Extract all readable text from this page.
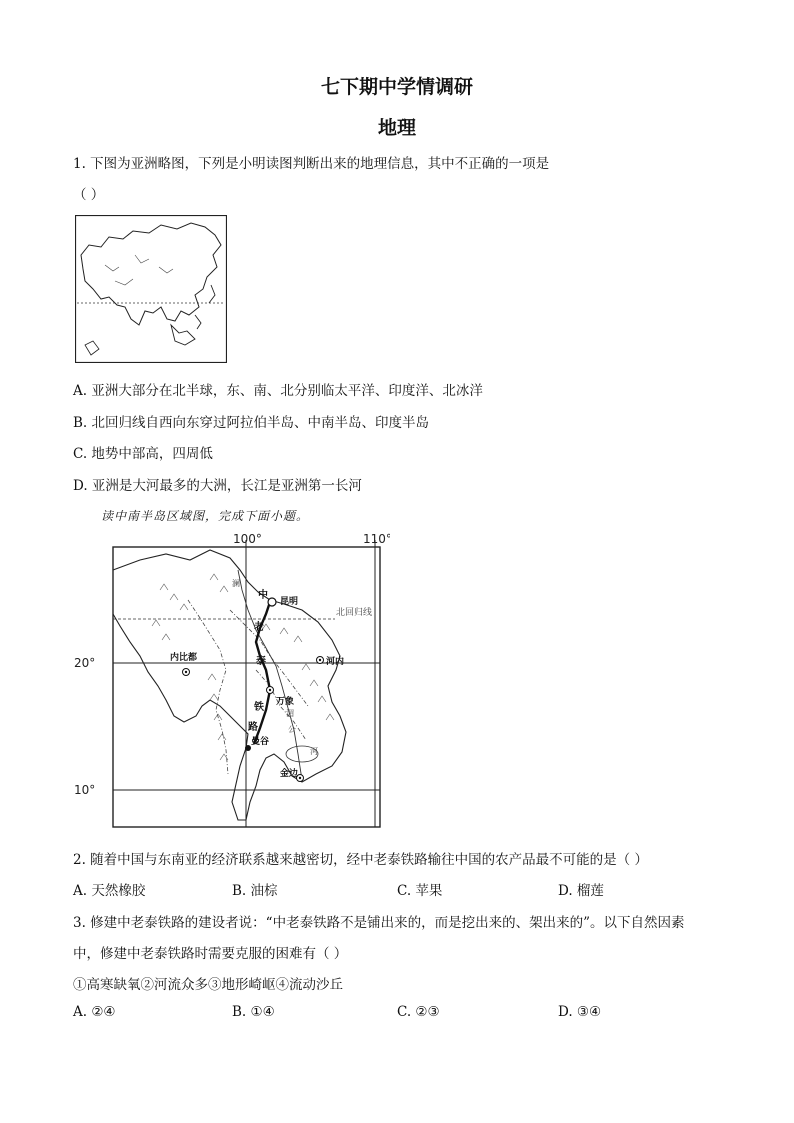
七下期中学情调研
地理
1. 下图为亚洲略图，下列是小明读图判断出来的地理信息，其中不正确的一项是
（ ）
A. 亚洲大部分在北半球，东、南、北分别临太平洋、印度洋、北冰洋
B. 北回归线自西向东穿过阿拉伯半岛、中南半岛、印度半岛
C. 地势中部高，四周低
D. 亚洲是大河最多的大洲，长江是亚洲第一长河
读中南半岛区域图，完成下面小题。
100°	110°
20°
10°
北回归线
昆明
河内
内比都
万象
曼谷
金边
中
老
泰
铁
路
澜
湄
公
河
2. 随着中国与东南亚的经济联系越来越密切，经中老泰铁路输往中国的农产品最不可能的是（ ）
A. 天然橡胶	B. 油棕	C. 苹果	D. 榴莲
3. 修建中老泰铁路的建设者说：“中老泰铁路不是铺出来的，而是挖出来的、架出来的”。以下自然因素
中，修建中老泰铁路时需要克服的困难有（ ）
①高寒缺氧②河流众多③地形崎岖④流动沙丘
A. ②④	B. ①④	C. ②③	D. ③④
